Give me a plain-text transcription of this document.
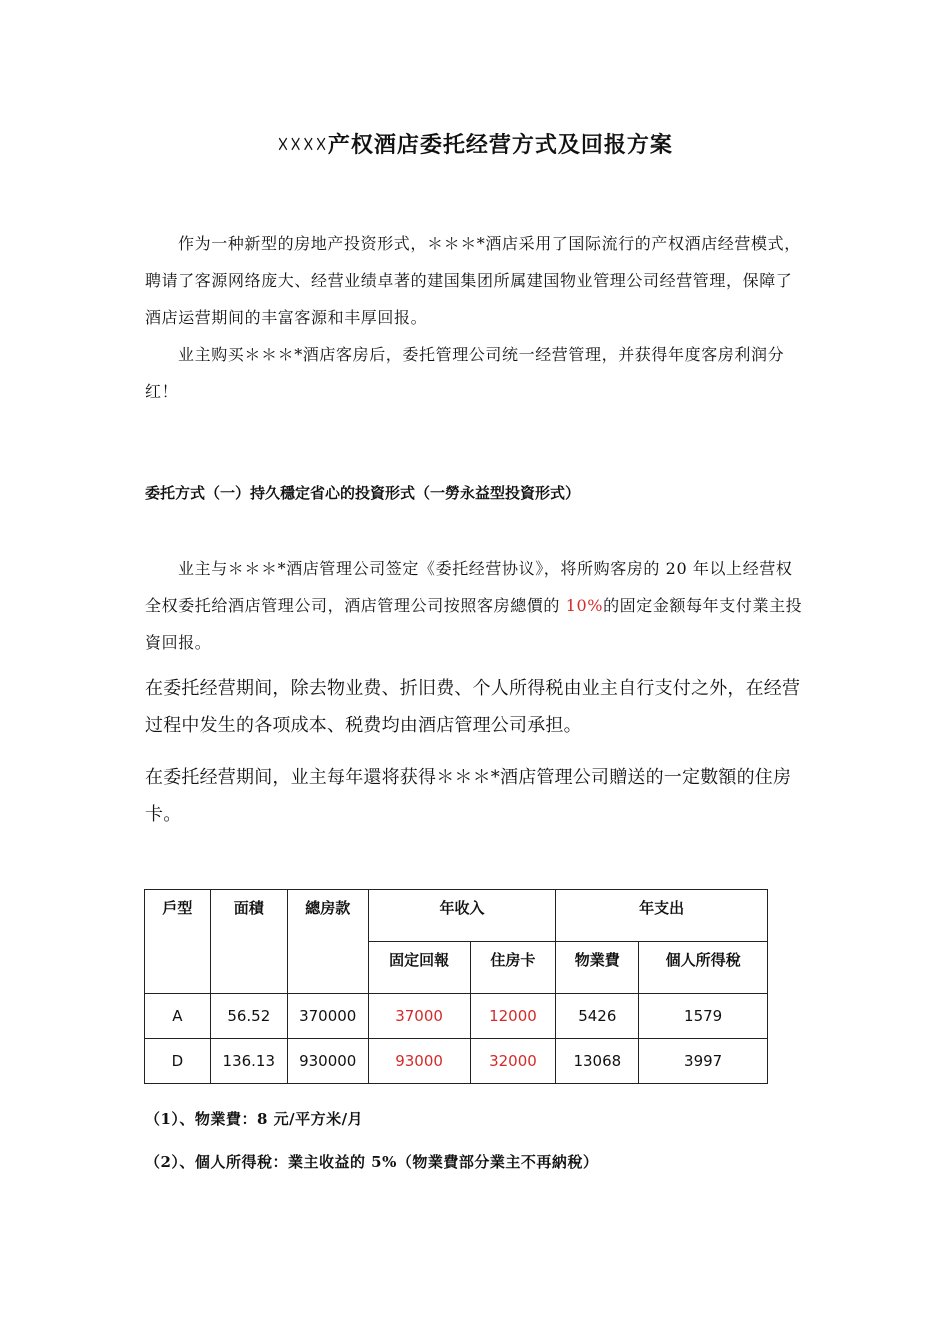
☓☓☓☓产权酒店委托经营方式及回报方案
作为一种新型的房地产投资形式，＊＊＊*酒店采用了国际流行的产权酒店经营模式，聘请了客源网络庞大、经营业绩卓著的建国集团所属建国物业管理公司经营管理，保障了酒店运营期间的丰富客源和丰厚回报。
业主购买＊＊＊*酒店客房后，委托管理公司统一经营管理，并获得年度客房利润分红！
委托方式（一）持久穩定省心的投資形式（一勞永益型投資形式）
业主与＊＊＊*酒店管理公司签定《委托经营协议》，将所购客房的 20 年以上经营权全权委托给酒店管理公司，酒店管理公司按照客房總價的 10%的固定金额每年支付業主投資回报。
在委托经营期间，除去物业费、折旧费、个人所得税由业主自行支付之外，在经营过程中发生的各项成本、税费均由酒店管理公司承担。
在委托经营期间，业主每年還将获得＊＊＊*酒店管理公司贈送的一定數額的住房卡。
戶型	面積	總房款	年收入		年支出	
			固定回報	住房卡	物業費	個人所得稅
A	56.52	370000	37000	12000	5426	1579
D	136.13	930000	93000	32000	13068	3997
（1）、物業費：8 元/平方米/月
（2）、個人所得稅：業主收益的 5%（物業費部分業主不再納稅）
